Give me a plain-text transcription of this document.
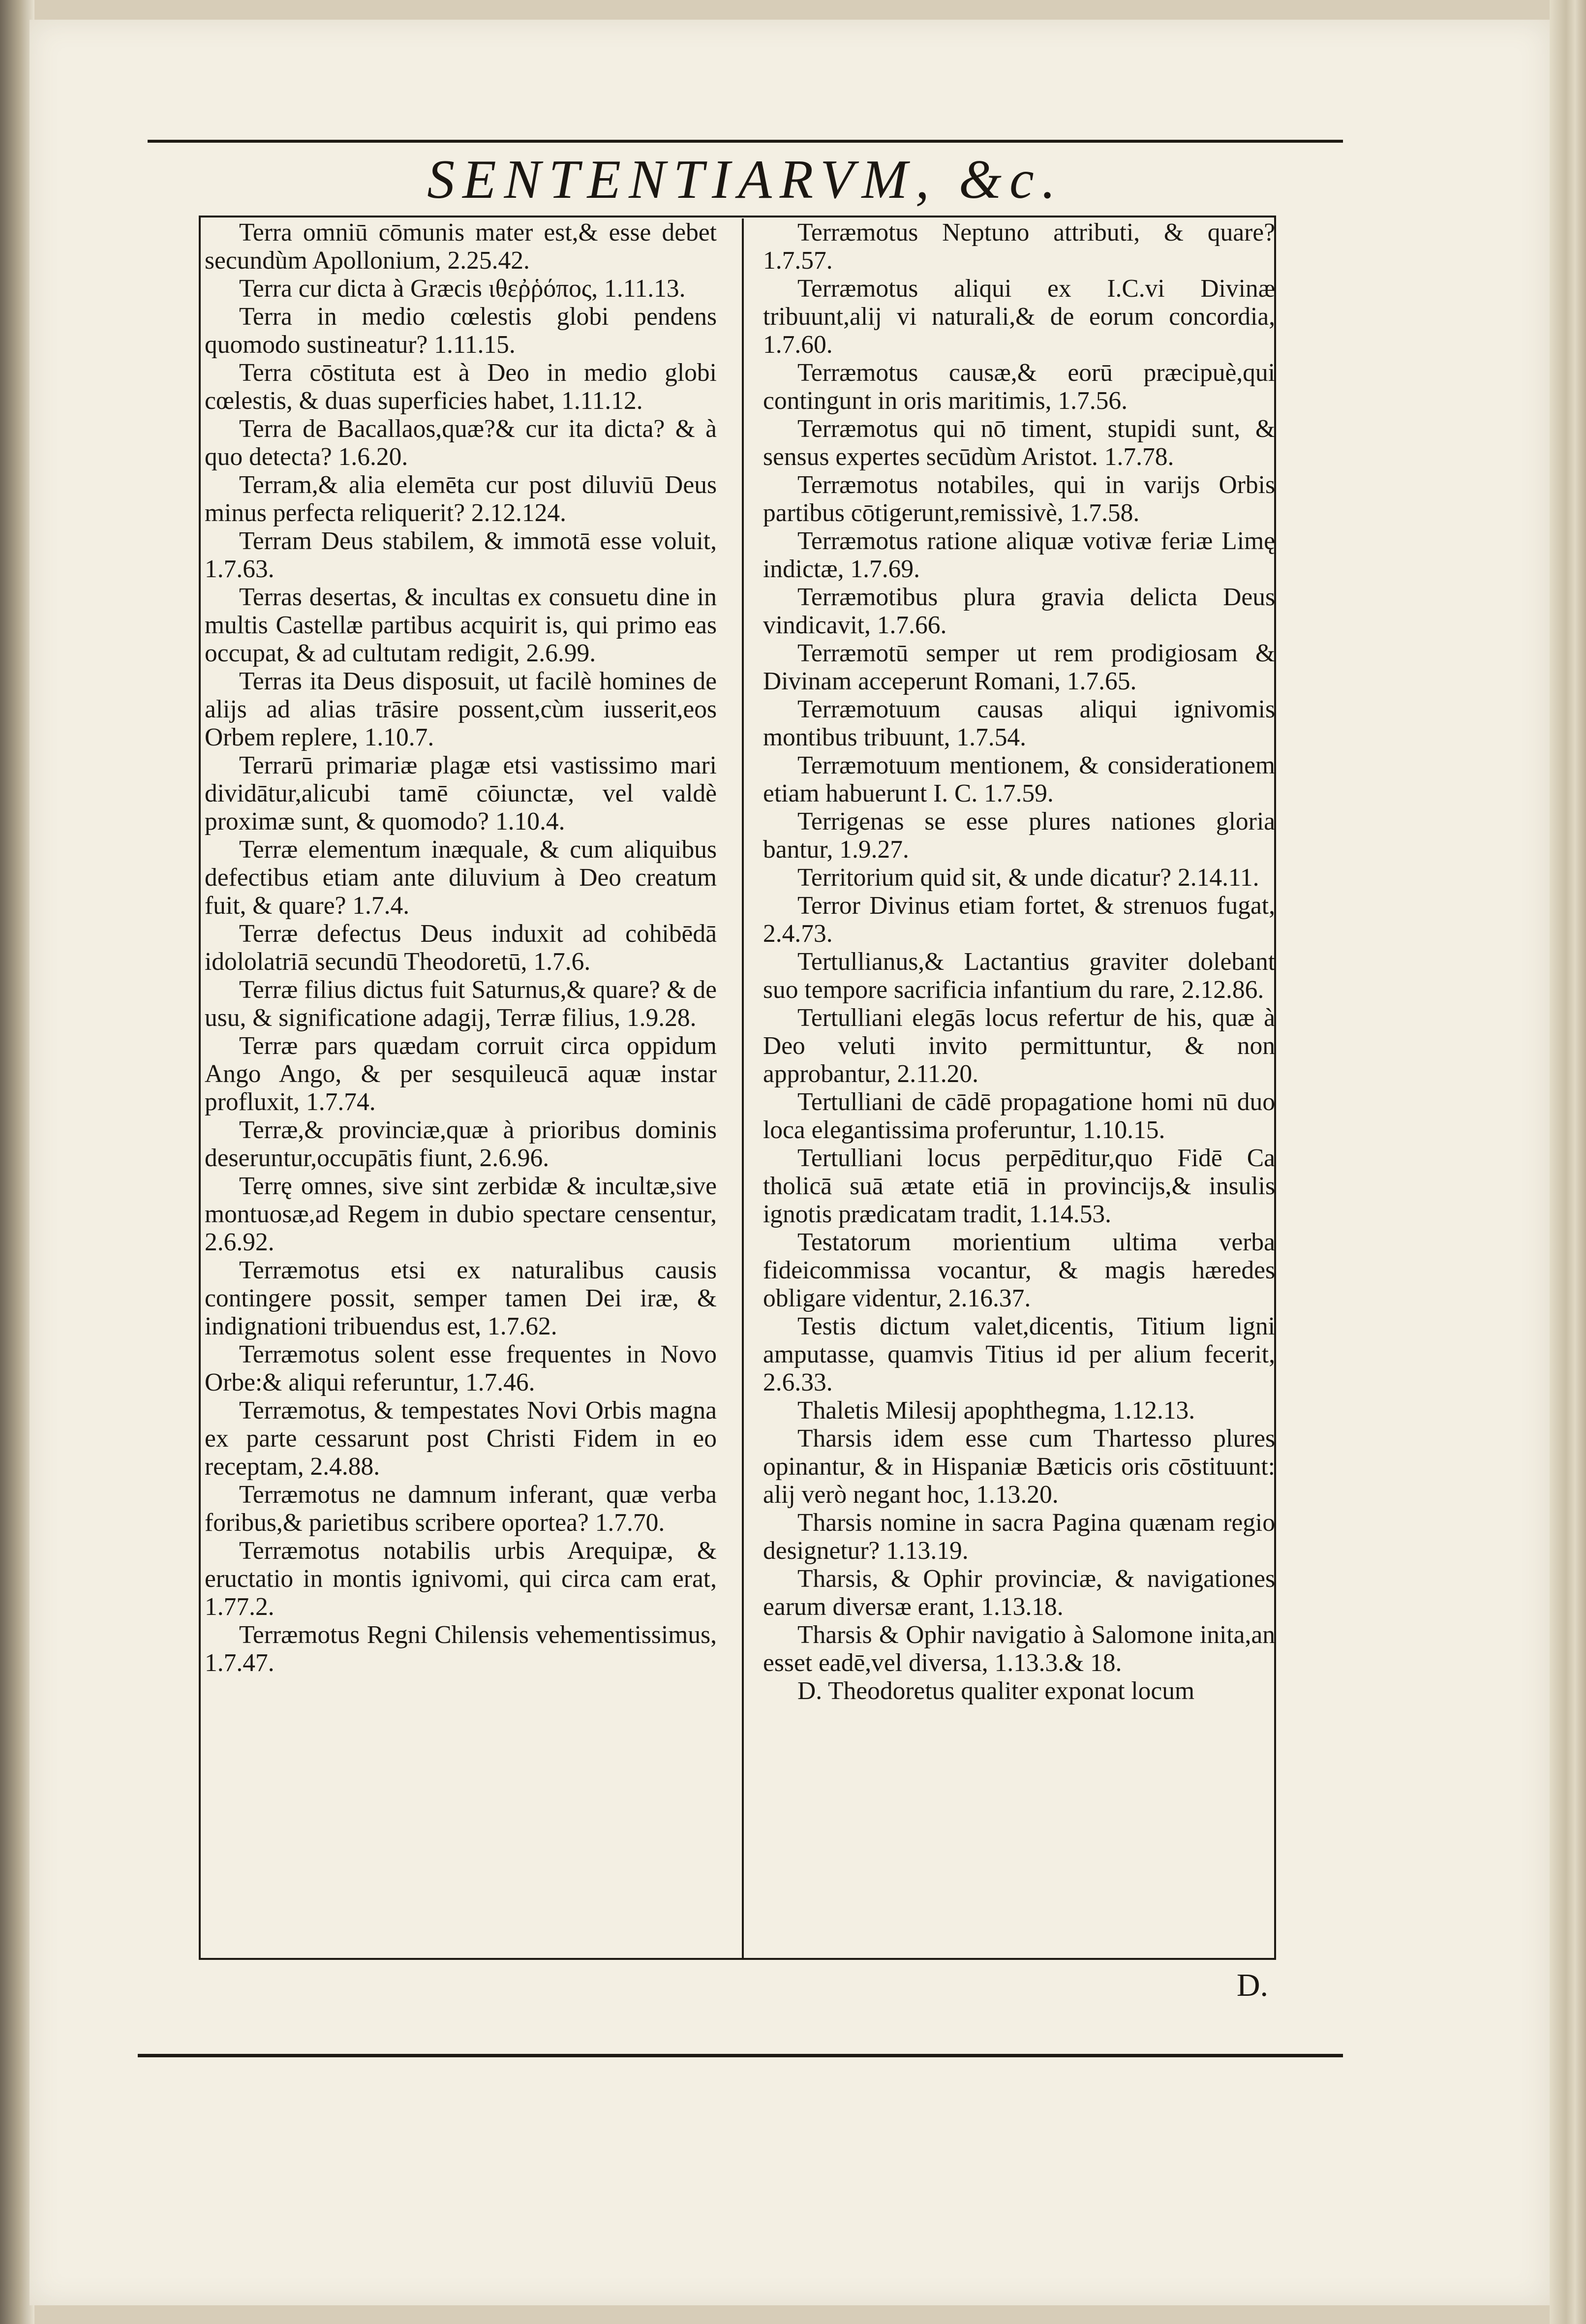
SENTENTIARVM, &c.

Terra omniū cōmunis mater est,& esse debet secundùm Apollonium, 2.25.42.

Terra cur dicta à Græcis ιθεῤῥόπος, 1.11.13.

Terra in medio cœlestis globi pendens quomodo sustineatur? 1.11.15.

Terra cōstituta est à Deo in medio globi cœlestis, & duas superficies habet, 1.11.12.

Terra de Bacallaos,quæ?& cur ita dicta? & à quo detecta? 1.6.20.

Terram,& alia elemēta cur post diluviū Deus minus perfecta reliquerit? 2.12.124.

Terram Deus stabilem, & immotā esse voluit, 1.7.63.

Terras desertas, & incultas ex consuetu dine in multis Castellæ partibus acquirit is, qui primo eas occupat, & ad cultutam redigit, 2.6.99.

Terras ita Deus disposuit, ut facilè homines de alijs ad alias trāsire possent,cùm iusserit,eos Orbem replere, 1.10.7.

Terrarū primariæ plagæ etsi vastissimo mari dividātur,alicubi tamē cōiunctæ, vel valdè proximæ sunt, & quomodo? 1.10.4.

Terræ elementum inæquale, & cum aliquibus defectibus etiam ante diluvium à Deo creatum fuit, & quare? 1.7.4.

Terræ defectus Deus induxit ad cohibēdā idololatriā secundū Theodoretū, 1.7.6.

Terræ filius dictus fuit Saturnus,& quare? & de usu, & significatione adagij, Terræ filius, 1.9.28.

Terræ pars quædam corruit circa oppidum Ango Ango, & per sesquileucā aquæ instar profluxit, 1.7.74.

Terræ,& provinciæ,quæ à prioribus dominis deseruntur,occupātis fiunt, 2.6.96.

Terrę omnes, sive sint zerbidæ & incultæ,sive montuosæ,ad Regem in dubio spectare censentur, 2.6.92.

Terræmotus etsi ex naturalibus causis contingere possit, semper tamen Dei iræ, & indignationi tribuendus est, 1.7.62.

Terræmotus solent esse frequentes in Novo Orbe:& aliqui referuntur, 1.7.46.

Terræmotus, & tempestates Novi Orbis magna ex parte cessarunt post Christi Fidem in eo receptam, 2.4.88.

Terræmotus ne damnum inferant, quæ verba foribus,& parietibus scribere oportea? 1.7.70.

Terræmotus notabilis urbis Arequipæ, & eructatio in montis ignivomi, qui circa cam erat, 1.77.2.

Terræmotus Regni Chilensis vehementissimus, 1.7.47.

Terræmotus Neptuno attributi, & quare? 1.7.57.

Terræmotus aliqui ex I.C.vi Divinæ tribuunt,alij vi naturali,& de eorum concordia, 1.7.60.

Terræmotus causæ,& eorū præcipuè,qui contingunt in oris maritimis, 1.7.56.

Terræmotus qui nō timent, stupidi sunt, & sensus expertes secūdùm Aristot. 1.7.78.

Terræmotus notabiles, qui in varijs Orbis partibus cōtigerunt,remissivè, 1.7.58.

Terræmotus ratione aliquæ votivæ feriæ Limę indictæ, 1.7.69.

Terræmotibus plura gravia delicta Deus vindicavit, 1.7.66.

Terræmotū semper ut rem prodigiosam & Divinam acceperunt Romani, 1.7.65.

Terræmotuum causas aliqui ignivomis montibus tribuunt, 1.7.54.

Terræmotuum mentionem, & considerationem etiam habuerunt I. C. 1.7.59.

Terrigenas se esse plures nationes gloria bantur, 1.9.27.

Territorium quid sit, & unde dicatur? 2.14.11.

Terror Divinus etiam fortet, & strenuos fugat, 2.4.73.

Tertullianus,& Lactantius graviter dolebant suo tempore sacrificia infantium du rare, 2.12.86.

Tertulliani elegās locus refertur de his, quæ à Deo veluti invito permittuntur, & non approbantur, 2.11.20.

Tertulliani de cādē propagatione homi nū duo loca elegantissima proferuntur, 1.10.15.

Tertulliani locus perpēditur,quo Fidē Ca tholicā suā ætate etiā in provincijs,& insulis ignotis prædicatam tradit, 1.14.53.

Testatorum morientium ultima verba fideicommissa vocantur, & magis hæredes obligare videntur, 2.16.37.

Testis dictum valet,dicentis, Titium ligni amputasse, quamvis Titius id per alium fecerit, 2.6.33.

Thaletis Milesij apophthegma, 1.12.13.

Tharsis idem esse cum Thartesso plures opinantur, & in Hispaniæ Bæticis oris cōstituunt: alij verò negant hoc, 1.13.20.

Tharsis nomine in sacra Pagina quænam regio designetur? 1.13.19.

Tharsis, & Ophir provinciæ, & navigationes earum diversæ erant, 1.13.18.

Tharsis & Ophir navigatio à Salomone inita,an esset eadē,vel diversa, 1.13.3.& 18.

D. Theodoretus qualiter exponat locum

D.
